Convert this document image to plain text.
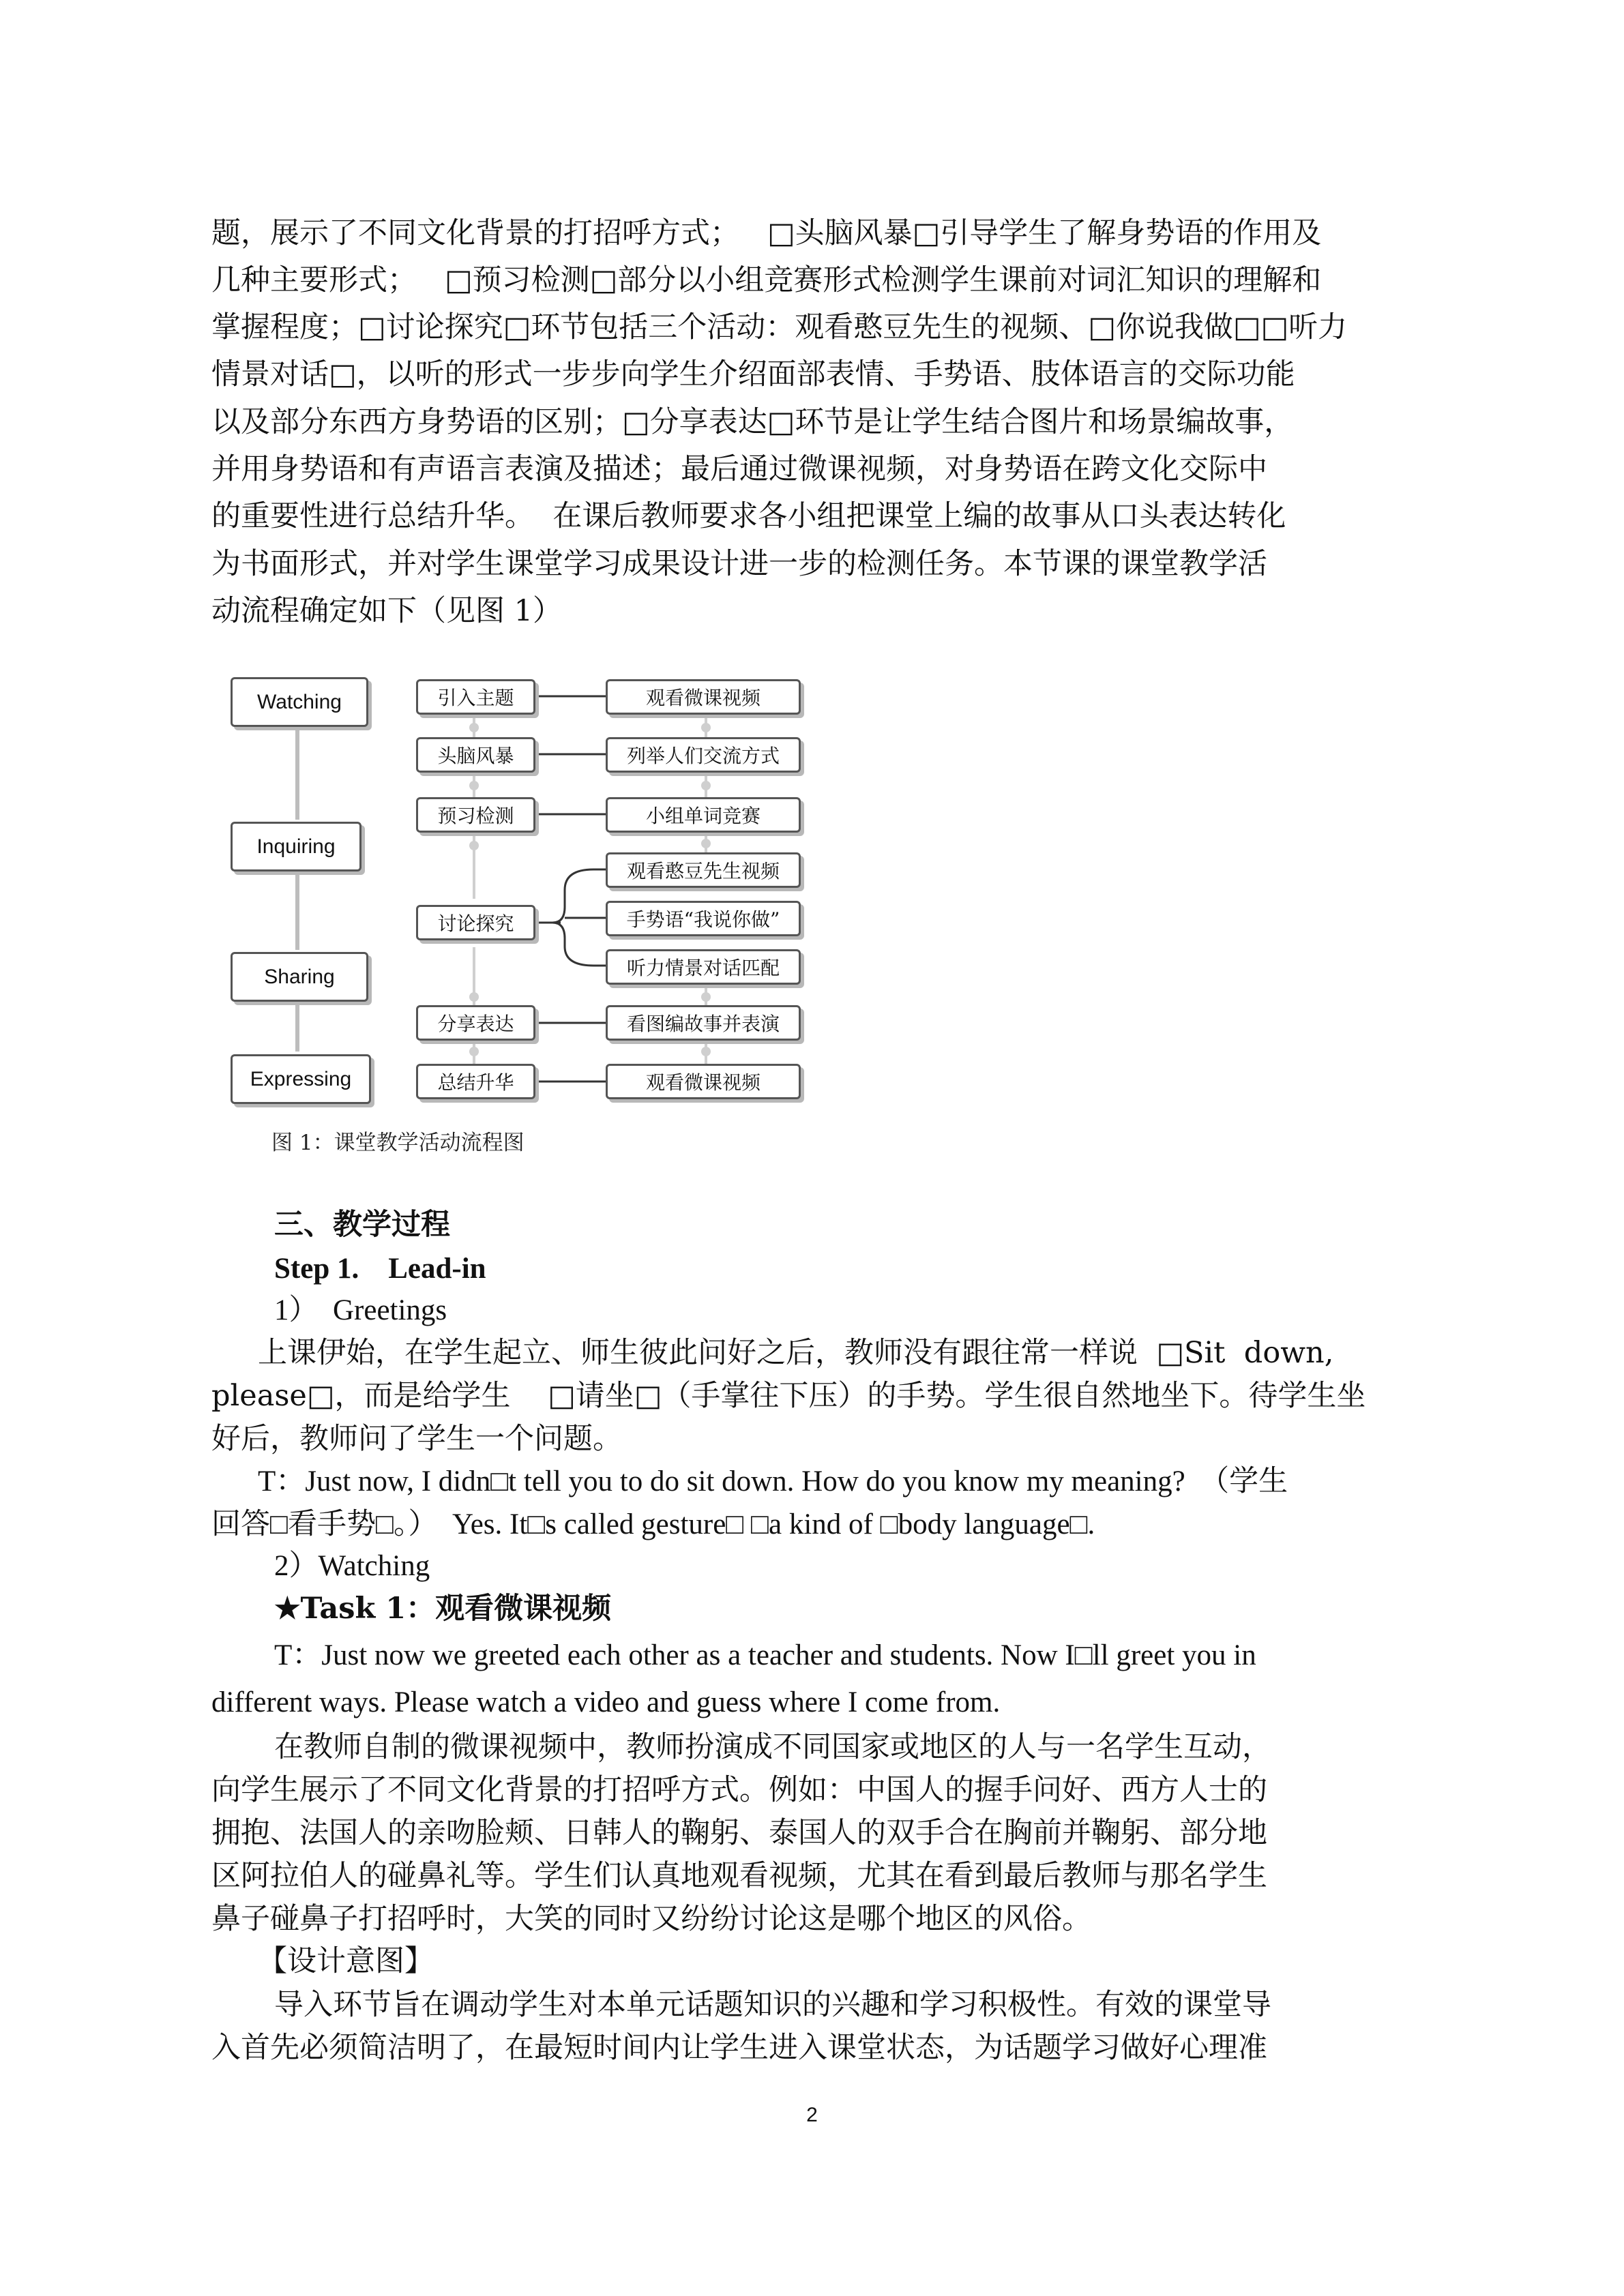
题，展示了不同文化背景的打招呼方式；   □头脑风暴□引导学生了解身势语的作用及
几种主要形式；   □预习检测□部分以小组竞赛形式检测学生课前对词汇知识的理解和
掌握程度；□讨论探究□环节包括三个活动：观看憨豆先生的视频、□你说我做□□听力
情景对话□，以听的形式一步步向学生介绍面部表情、手势语、肢体语言的交际功能
以及部分东西方身势语的区别；□分享表达□环节是让学生结合图片和场景编故事，
并用身势语和有声语言表演及描述；最后通过微课视频，对身势语在跨文化交际中
的重要性进行总结升华。  在课后教师要求各小组把课堂上编的故事从口头表达转化
为书面形式，并对学生课堂学习成果设计进一步的检测任务。本节课的课堂教学活
动流程确定如下（见图 1）
Watching
Inquiring
Sharing
Expressing
引入主题
头脑风暴
预习检测
讨论探究
分享表达
总结升华
观看微课视频
列举人们交流方式
小组单词竞赛
观看憨豆先生视频
手势语“我说你做”
听力情景对话匹配
看图编故事并表演
观看微课视频
图 1：课堂教学活动流程图
三、教学过程
Step 1.    Lead-in
1）  Greetings
上课伊始，在学生起立、师生彼此问好之后，教师没有跟往常一样说  □Sit  down,
please□，而是给学生    □请坐□（手掌往下压）的手势。学生很自然地坐下。待学生坐
好后，教师问了学生一个问题。
T：Just now, I didn□t tell you to do sit down. How do you know my meaning?  （学生
回答□看手势□。）  Yes. It□s called gesture□ □a kind of □body language□.
2）Watching
★Task 1：观看微课视频
T：Just now we greeted each other as a teacher and students. Now I□ll greet you in
different ways. Please watch a video and guess where I come from.
在教师自制的微课视频中，教师扮演成不同国家或地区的人与一名学生互动，
向学生展示了不同文化背景的打招呼方式。例如：中国人的握手问好、西方人士的
拥抱、法国人的亲吻脸颊、日韩人的鞠躬、泰国人的双手合在胸前并鞠躬、部分地
区阿拉伯人的碰鼻礼等。学生们认真地观看视频，尤其在看到最后教师与那名学生
鼻子碰鼻子打招呼时，大笑的同时又纷纷讨论这是哪个地区的风俗。
【设计意图】
导入环节旨在调动学生对本单元话题知识的兴趣和学习积极性。有效的课堂导
入首先必须简洁明了，在最短时间内让学生进入课堂状态，为话题学习做好心理准
2
